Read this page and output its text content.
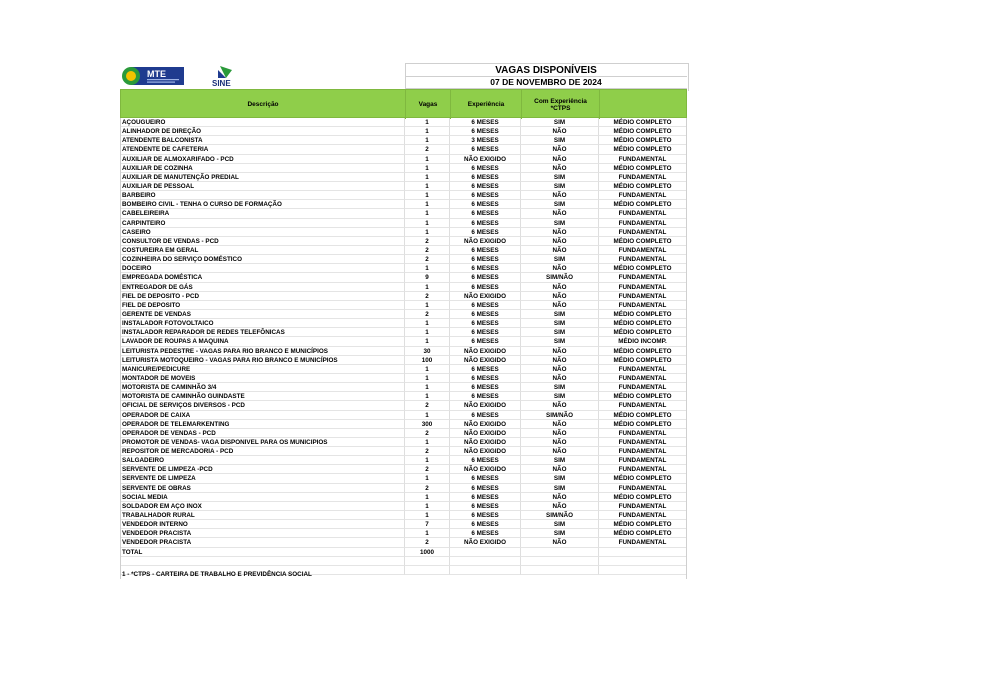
MTE
SINE
VAGAS DISPONÍVEIS
07 DE NOVEMBRO DE 2024
Descrição	Vagas	Experiência	Com Experiência *CTPS
AÇOUGUEIRO	1	6 MESES	SIM	MÉDIO COMPLETO
ALINHADOR DE DIREÇÃO	1	6 MESES	NÃO	MÉDIO COMPLETO
ATENDENTE BALCONISTA	1	3 MESES	SIM	MÉDIO COMPLETO
ATENDENTE DE CAFETERIA	2	6 MESES	NÃO	MÉDIO COMPLETO
AUXILIAR DE ALMOXARIFADO - PCD	1	NÃO EXIGIDO	NÃO	FUNDAMENTAL
AUXILIAR DE COZINHA	1	6 MESES	NÃO	MÉDIO COMPLETO
AUXILIAR DE MANUTENÇÃO PREDIAL	1	6 MESES	SIM	FUNDAMENTAL
AUXILIAR DE PESSOAL	1	6 MESES	SIM	MÉDIO COMPLETO
BARBEIRO	1	6 MESES	NÃO	FUNDAMENTAL
BOMBEIRO CIVIL - TENHA O CURSO DE FORMAÇÃO	1	6 MESES	SIM	MÉDIO COMPLETO
CABELEIREIRA	1	6 MESES	NÃO	FUNDAMENTAL
CARPINTEIRO	1	6 MESES	SIM	FUNDAMENTAL
CASEIRO	1	6 MESES	NÃO	FUNDAMENTAL
CONSULTOR DE VENDAS - PCD	2	NÃO EXIGIDO	NÃO	MÉDIO COMPLETO
COSTUREIRA EM GERAL	2	6 MESES	NÃO	FUNDAMENTAL
COZINHEIRA DO SERVIÇO DOMÉSTICO	2	6 MESES	SIM	FUNDAMENTAL
DOCEIRO	1	6 MESES	NÃO	MÉDIO COMPLETO
EMPREGADA DOMÉSTICA	9	6 MESES	SIM/NÃO	FUNDAMENTAL
ENTREGADOR DE GÁS	1	6 MESES	NÃO	FUNDAMENTAL
FIEL DE DEPOSITO - PCD	2	NÃO EXIGIDO	NÃO	FUNDAMENTAL
FIEL DE DEPOSITO	1	6 MESES	NÃO	FUNDAMENTAL
GERENTE DE VENDAS	2	6 MESES	SIM	MÉDIO COMPLETO
INSTALADOR FOTOVOLTAICO	1	6 MESES	SIM	MÉDIO COMPLETO
INSTALADOR REPARADOR DE REDES TELEFÔNICAS	1	6 MESES	SIM	MÉDIO COMPLETO
LAVADOR DE ROUPAS A MAQUINA	1	6 MESES	SIM	MÉDIO INCOMP.
LEITURISTA PEDESTRE - VAGAS PARA RIO BRANCO E MUNICÍPIOS	30	NÃO EXIGIDO	NÃO	MÉDIO COMPLETO
LEITURISTA MOTOQUEIRO - VAGAS PARA RIO BRANCO E MUNICÍPIOS	100	NÃO EXIGIDO	NÃO	MÉDIO COMPLETO
MANICURE/PEDICURE	1	6 MESES	NÃO	FUNDAMENTAL
MONTADOR DE MOVEIS	1	6 MESES	NÃO	FUNDAMENTAL
MOTORISTA DE CAMINHÃO 3/4	1	6 MESES	SIM	FUNDAMENTAL
MOTORISTA DE CAMINHÃO GUINDASTE	1	6 MESES	SIM	MÉDIO COMPLETO
OFICIAL DE SERVIÇOS DIVERSOS - PCD	2	NÃO EXIGIDO	NÃO	FUNDAMENTAL
OPERADOR DE CAIXA	1	6 MESES	SIM/NÃO	MÉDIO COMPLETO
OPERADOR DE TELEMARKENTING	300	NÃO EXIGIDO	NÃO	MÉDIO COMPLETO
OPERADOR DE VENDAS - PCD	2	NÃO EXIGIDO	NÃO	FUNDAMENTAL
PROMOTOR DE VENDAS- VAGA DISPONIVEL PARA OS MUNICIPIOS	1	NÃO EXIGIDO	NÃO	FUNDAMENTAL
REPOSITOR DE MERCADORIA - PCD	2	NÃO EXIGIDO	NÃO	FUNDAMENTAL
SALGADEIRO	1	6 MESES	SIM	FUNDAMENTAL
SERVENTE DE LIMPEZA -PCD	2	NÃO EXIGIDO	NÃO	FUNDAMENTAL
SERVENTE DE LIMPEZA	1	6 MESES	SIM	MÉDIO COMPLETO
SERVENTE DE OBRAS	2	6 MESES	SIM	FUNDAMENTAL
SOCIAL MEDIA	1	6 MESES	NÃO	MÉDIO COMPLETO
SOLDADOR EM AÇO INOX	1	6 MESES	NÃO	FUNDAMENTAL
TRABALHADOR RURAL	1	6 MESES	SIM/NÃO	FUNDAMENTAL
VENDEDOR INTERNO	7	6 MESES	SIM	MÉDIO COMPLETO
VENDEDOR PRACISTA	1	6 MESES	SIM	MÉDIO COMPLETO
VENDEDOR PRACISTA	2	NÃO EXIGIDO	NÃO	FUNDAMENTAL
TOTAL	1000
1 - *CTPS - CARTEIRA DE TRABALHO E PREVIDÊNCIA SOCIAL
